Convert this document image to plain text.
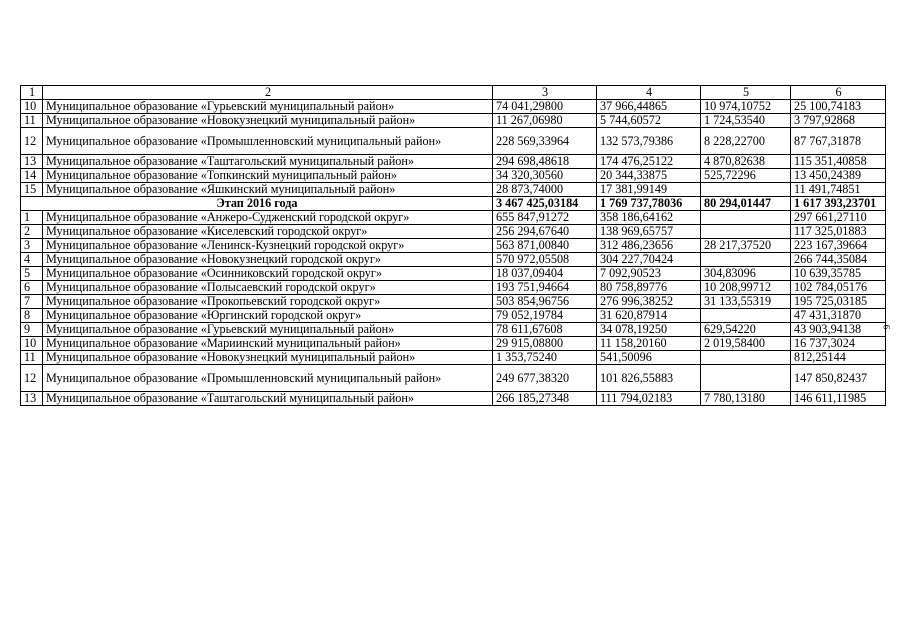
1	2	3	4	5	6
10	Муниципальное образование «Гурьевский муниципальный район»	74 041,29800	37 966,44865	10 974,10752	25 100,74183
11	Муниципальное образование «Новокузнецкий муниципальный район»	11 267,06980	5 744,60572	1 724,53540	3 797,92868
12	Муниципальное образование «Промышленновский муниципальный район»	228 569,33964	132 573,79386	8 228,22700	87 767,31878
13	Муниципальное образование «Таштагольский муниципальный район»	294 698,48618	174 476,25122	4 870,82638	115 351,40858
14	Муниципальное образование «Топкинский муниципальный район»	34 320,30560	20 344,33875	525,72296	13 450,24389
15	Муниципальное образование «Яшкинский муниципальный район»	28 873,74000	17 381,99149		11 491,74851
Этап 2016 года		3 467 425,03184	1 769 737,78036	80 294,01447	1 617 393,23701
1	Муниципальное образование «Анжеро-Судженский городской округ»	655 847,91272	358 186,64162		297 661,27110
2	Муниципальное образование «Киселевский городской округ»	256 294,67640	138 969,65757		117 325,01883
3	Муниципальное образование «Ленинск-Кузнецкий городской округ»	563 871,00840	312 486,23656	28 217,37520	223 167,39664
4	Муниципальное образование «Новокузнецкий городской округ»	570 972,05508	304 227,70424		266 744,35084
5	Муниципальное образование «Осинниковский городской округ»	18 037,09404	7 092,90523	304,83096	10 639,35785
6	Муниципальное образование «Полысаевский городской округ»	193 751,94664	80 758,89776	10 208,99712	102 784,05176
7	Муниципальное образование «Прокопьевский городской округ»	503 854,96756	276 996,38252	31 133,55319	195 725,03185
8	Муниципальное образование «Юргинский городской округ»	79 052,19784	31 620,87914		47 431,31870
9	Муниципальное образование «Гурьевский муниципальный район»	78 611,67608	34 078,19250	629,54220	43 903,94138
10	Муниципальное образование «Мариинский муниципальный район»	29 915,08800	11 158,20160	2 019,58400	16 737,3024
11	Муниципальное образование «Новокузнецкий муниципальный район»	1 353,75240	541,50096		812,25144
12	Муниципальное образование «Промышленновский муниципальный район»	249 677,38320	101 826,55883		147 850,82437
13	Муниципальное образование «Таштагольский муниципальный район»	266 185,27348	111 794,02183	7 780,13180	146 611,11985
6
